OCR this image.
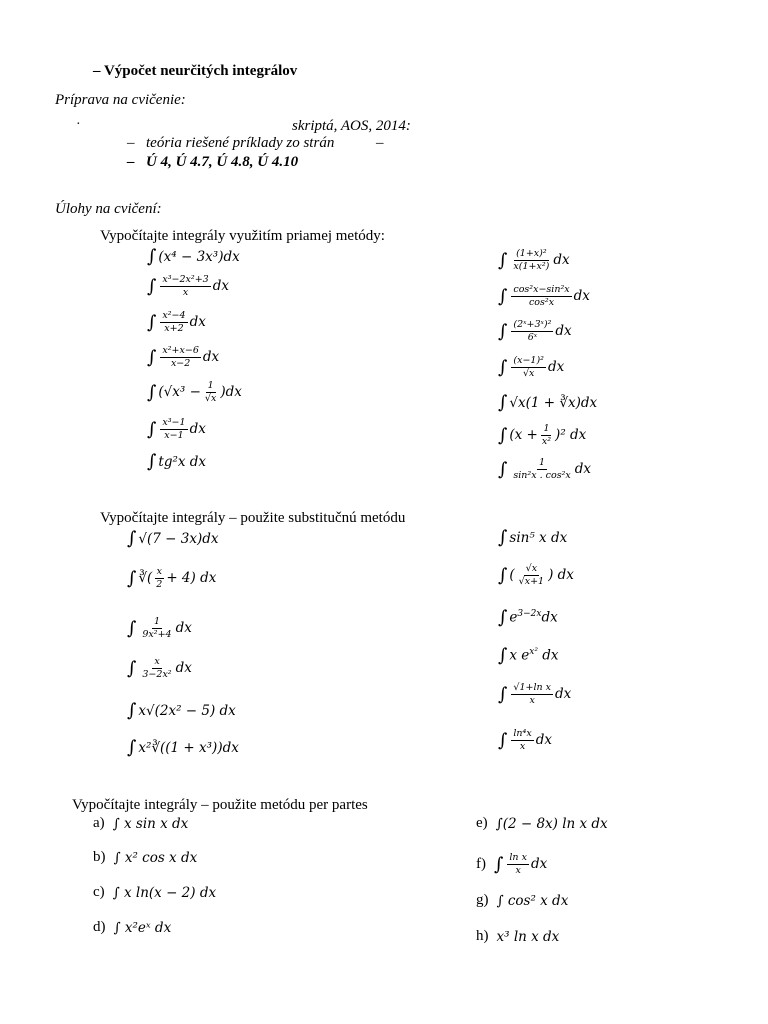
– Výpočet neurčitých integrálov
Príprava na cvičenie:
·	skriptá, AOS, 2014:
– teória riešené príklady zo strán	–
– Ú 4, Ú 4.7, Ú 4.8, Ú 4.10
Úlohy na cvičení:
Vypočítajte integrály využitím priamej metódy:
∫ (x⁴ − 3x³)dx
∫ $\frac{\text{x³−2x²+3}}{x}$ dx
∫ $\frac{\text{x²−4}}{x+2}$ dx
∫ $\frac{\text{x²+x−6}}{x-2}$ dx
∫ $(√x^3 - \frac{1}{√x} )dx$
∫ $\frac{\text{x³−1}}{x-1}$ dx
∫ tg²x dx
∫ $\frac{\text{(1+x)²}}{\text{x(1+x²)}}$ dx
∫ $\frac{\text{cos²x−sin²x}}{\text{cos²x}}$ dx
∫ $\frac{\text{(2ˣ+3ˣ)²}}{\text{6ˣ}}$ dx
∫ $\frac{\text{(x−1)²}}{√x}$ dx
∫ √x(1 + ∛x)dx
∫ $(x + \frac{1}{\text{x²}} )^2$ dx
∫ $\frac{1}{\text{sin²x . cos²x}}$ dx
Vypočítajte integrály – použite substitučnú metódu
∫ √(7 − 3x)dx
∫ ∛( $\frac{x}{2} + 4$) dx
∫ $\frac{1}{\text{9x²+4}}$ dx
∫ $\frac{x}{\text{3−2x²}}$ dx
∫ x√(2x² − 5) dx
∫ x²∛((1 + x³))dx
∫ sin⁵ x dx
∫ ( $\frac{√x}{√x+1}$ ) dx
∫ $e^{3-2x}dx$
∫ x $e^{x^2}$ dx
∫ $\frac{\text{√1+ln x}}{x}$ dx
∫ $\frac{\text{ln⁴x}}{x}$ dx
Vypočítajte integrály – použite metódu per partes
a) ∫ x sin x dx
b) ∫ x² cos x dx
c) ∫ x ln(x − 2) dx
d) ∫ x²eˣ dx
e) ∫(2 − 8x) ln x dx
f) ∫ $\frac{\text{ln x}}{x}$ dx
g) ∫ cos² x dx
h) x³ ln x dx
